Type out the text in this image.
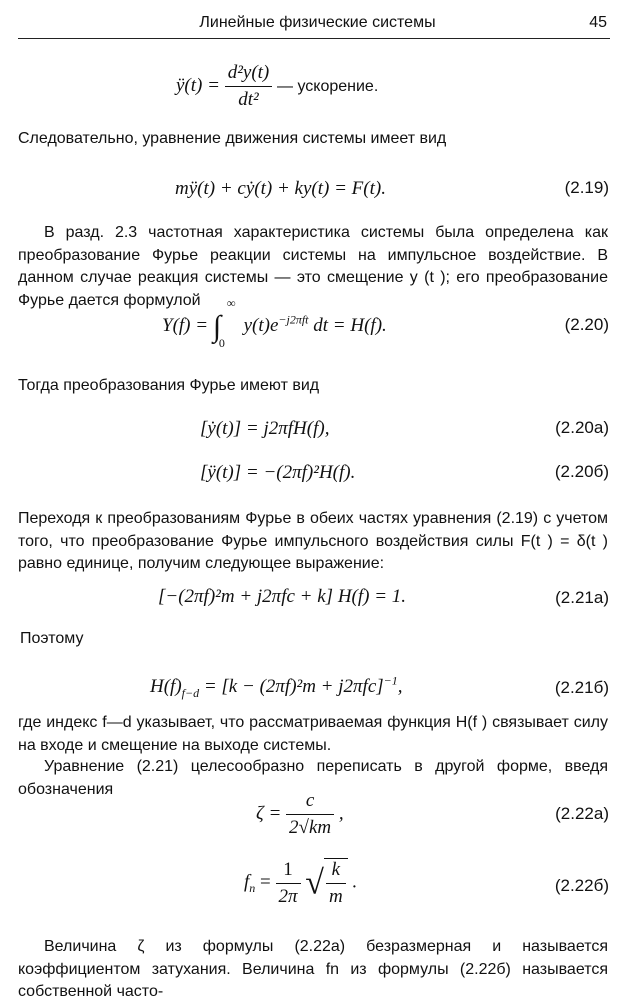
Линейные физические системы	45
ÿ(t) = $\frac{\text{d²y(t)}}{\text{dt²}}$ — ускорение.
Следовательно, уравнение движения системы имеет вид
mÿ(t) + cẏ(t) + ky(t) = F(t).	(2.19)
В разд. 2.3 частотная характеристика системы была определена как преобразование Фурье реакции системы на импульсное воздействие. В данном случае реакция системы — это смещение y (t ); его преобразование Фурье дается формулой
Y(f) = ∫
∞
0
$y(t)e^{-j2\pi ft}$ dt = H(f).	(2.20)
Тогда преобразования Фурье имеют вид
[ẏ(t)] = j2πfH(f),	(2.20а)
[ÿ(t)] = −(2πf)²H(f).	(2.20б)
Переходя к преобразованиям Фурье в обеих частях уравнения (2.19) с учетом того, что преобразование Фурье импульсного воздействия силы F(t ) = δ(t ) равно единице, получим следующее выражение:
[−(2πf)²m + j2πfc + k] H(f) = 1.	(2.21а)
Поэтому
$H(f)_{f-d} = [k - (2\pi f)^2m + j2\pi fc]^{-1}$,	(2.21б)
где индекс f—d указывает, что рассматриваемая функция H(f ) связывает силу на входе и смещение на выходе системы.
Уравнение (2.21) целесообразно переписать в другой форме, введя обозначения
$\zeta = \frac{c}{2√km}$ ,	(2.22а)
$f_n = \frac{1}{2\pi}$ √ $\frac{k}{m}$ .	(2.22б)
Величина ζ из формулы (2.22а) безразмерная и называется коэффициентом затухания. Величина fn из формулы (2.22б) называется собственной часто-
